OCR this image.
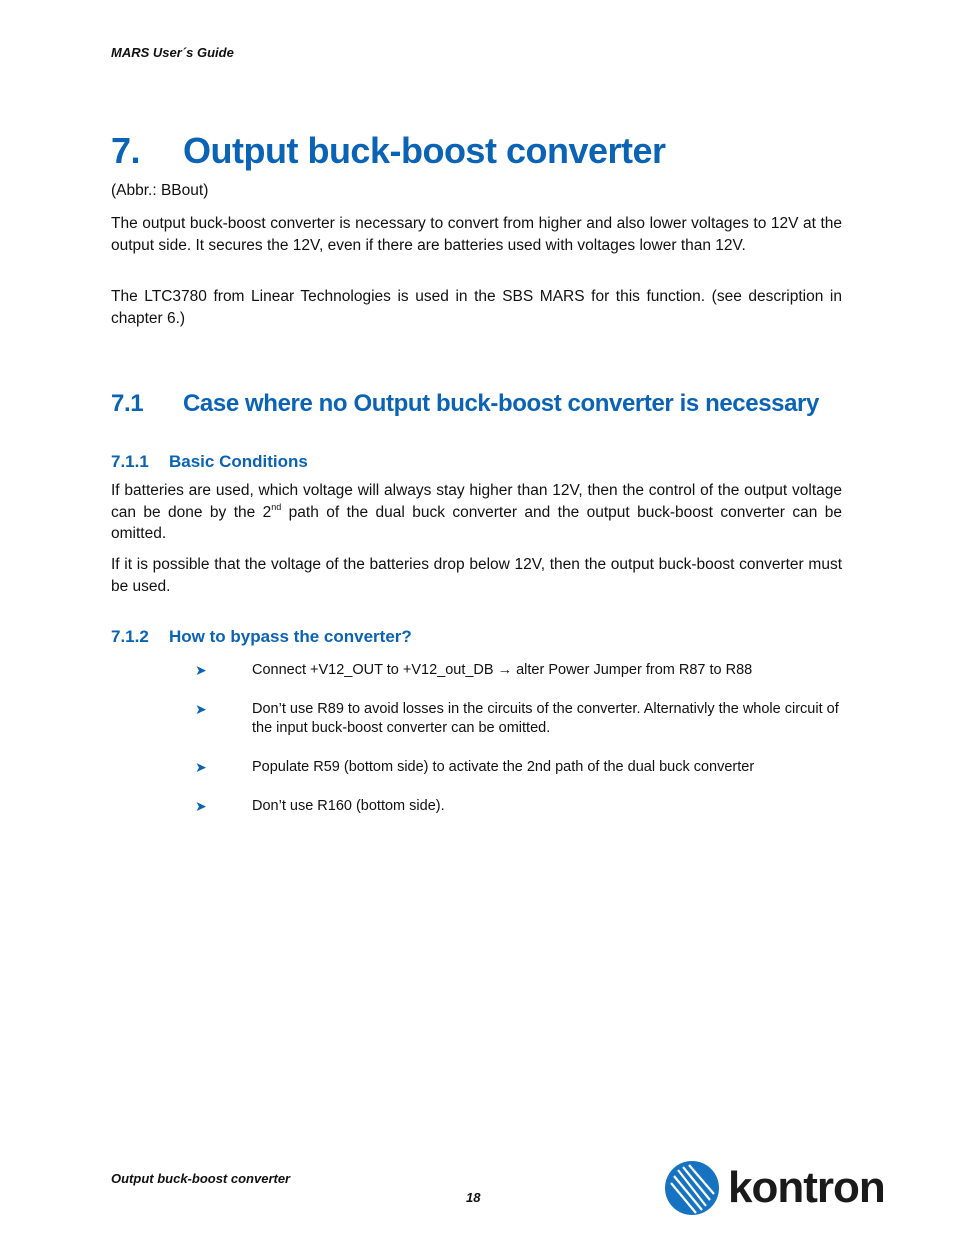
MARS User´s Guide
7.	Output buck-boost converter
(Abbr.: BBout)

The output buck-boost converter is necessary to convert from higher and also lower voltages to 12V at the output side. It secures the 12V, even if there are batteries used with voltages lower than 12V.

The LTC3780 from Linear Technologies is used in the SBS MARS for this function. (see description in chapter 6.)

7.1	Case where no Output buck-boost converter is necessary
7.1.1	Basic Conditions

If batteries are used, which voltage will always stay higher than 12V, then the control of the output voltage can be done by the 2nd path of the dual buck converter and the output buck-boost converter can be omitted.

If it is possible that the voltage of the batteries drop below 12V, then the output buck-boost converter must be used.

7.1.2	How to bypass the converter?
➤	Connect +V12_OUT to +V12_out_DB → alter Power Jumper from R87 to R88
➤	Don’t use R89 to avoid losses in the circuits of the converter. Alternativly the whole circuit of the input buck-boost converter can be omitted.
➤	Populate R59 (bottom side) to activate the 2nd path of the dual buck converter
➤	Don’t use R160 (bottom side).
Output buck-boost converter
18	kontron
